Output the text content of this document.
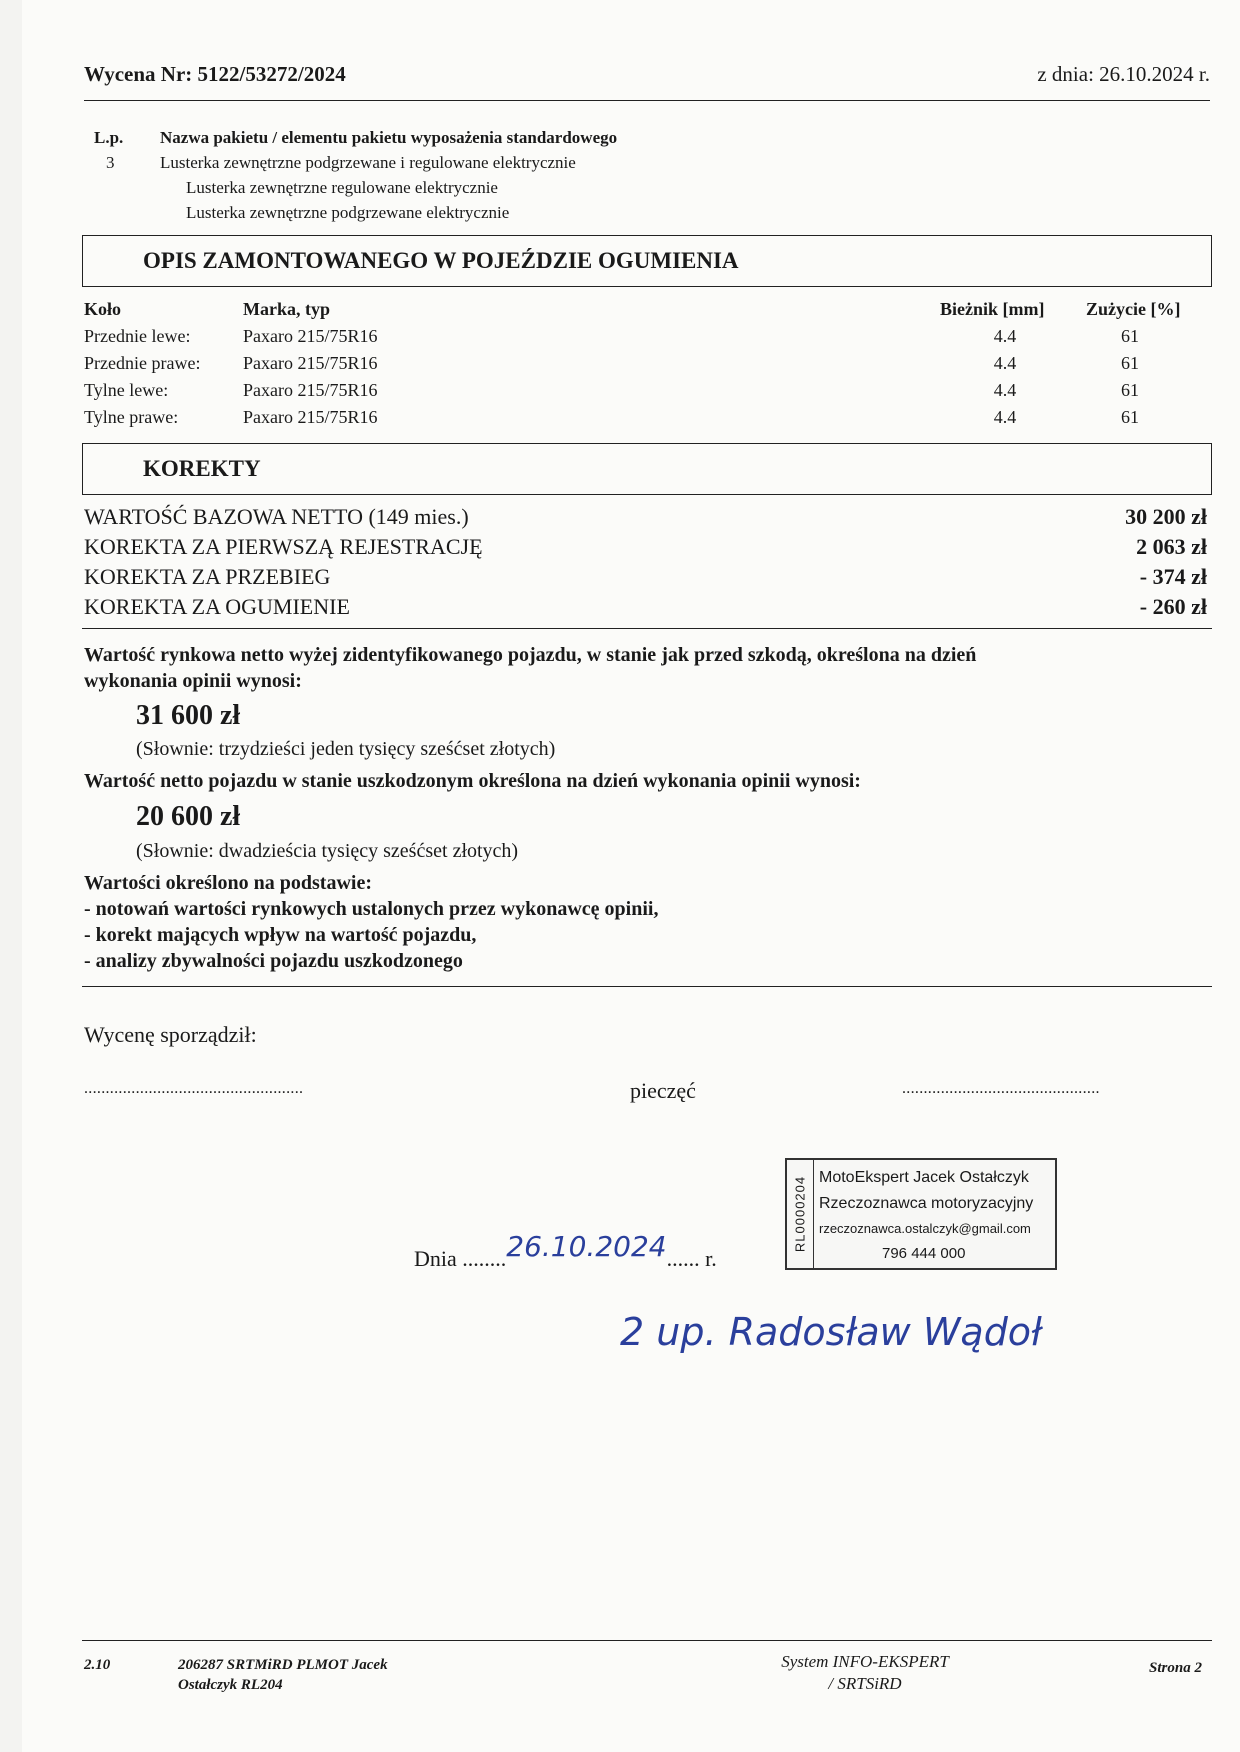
Wycena Nr: 5122/53272/2024	z dnia: 26.10.2024 r.
L.p. Nazwa pakietu / elementu pakietu wyposażenia standardowego
3	Lusterka zewnętrzne podgrzewane i regulowane elektrycznie
Lusterka zewnętrzne regulowane elektrycznie
Lusterka zewnętrzne podgrzewane elektrycznie
OPIS ZAMONTOWANEGO W POJEŹDZIE OGUMIENIA
Koło	Marka, typ	Bieżnik [mm] Zużycie [%]
Przednie lewe:	Paxaro 215/75R16	4.4	61
Przednie prawe: Paxaro 215/75R16	4.4	61
Tylne lewe:	Paxaro 215/75R16	4.4	61
Tylne prawe:	Paxaro 215/75R16	4.4	61
KOREKTY
WARTOŚĆ BAZOWA NETTO (149 mies.)	30 200 zł
KOREKTA ZA PIERWSZĄ REJESTRACJĘ	2 063 zł
KOREKTA ZA PRZEBIEG	- 374 zł
KOREKTA ZA OGUMIENIE	- 260 zł
Wartość rynkowa netto wyżej zidentyfikowanego pojazdu, w stanie jak przed szkodą, określona na dzień
wykonania opinii wynosi:
31 600 zł
(Słownie: trzydzieści jeden tysięcy sześćset złotych)
Wartość netto pojazdu w stanie uszkodzonym określona na dzień wykonania opinii wynosi:
20 600 zł
(Słownie: dwadzieścia tysięcy sześćset złotych)
Wartości określono na podstawie:
- notowań wartości rynkowych ustalonych przez wykonawcę opinii,
- korekt mających wpływ na wartość pojazdu,
- analizy zbywalności pojazdu uszkodzonego
Wycenę sporządził:
...................................................	pieczęć	..............................................
Dnia ........26.10.2024...... r.
RL0000204 MotoEkspert Jacek Ostałczyk
Rzeczoznawca motoryzacyjny
rzeczoznawca.ostalczyk@gmail.com
796 444 000
2 up. Radosław Wądoł
2.10	206287 SRTMiRD PLMOT Jacek
Ostałczyk RL204
System INFO-EKSPERT
/ SRTSiRD
Strona 2
